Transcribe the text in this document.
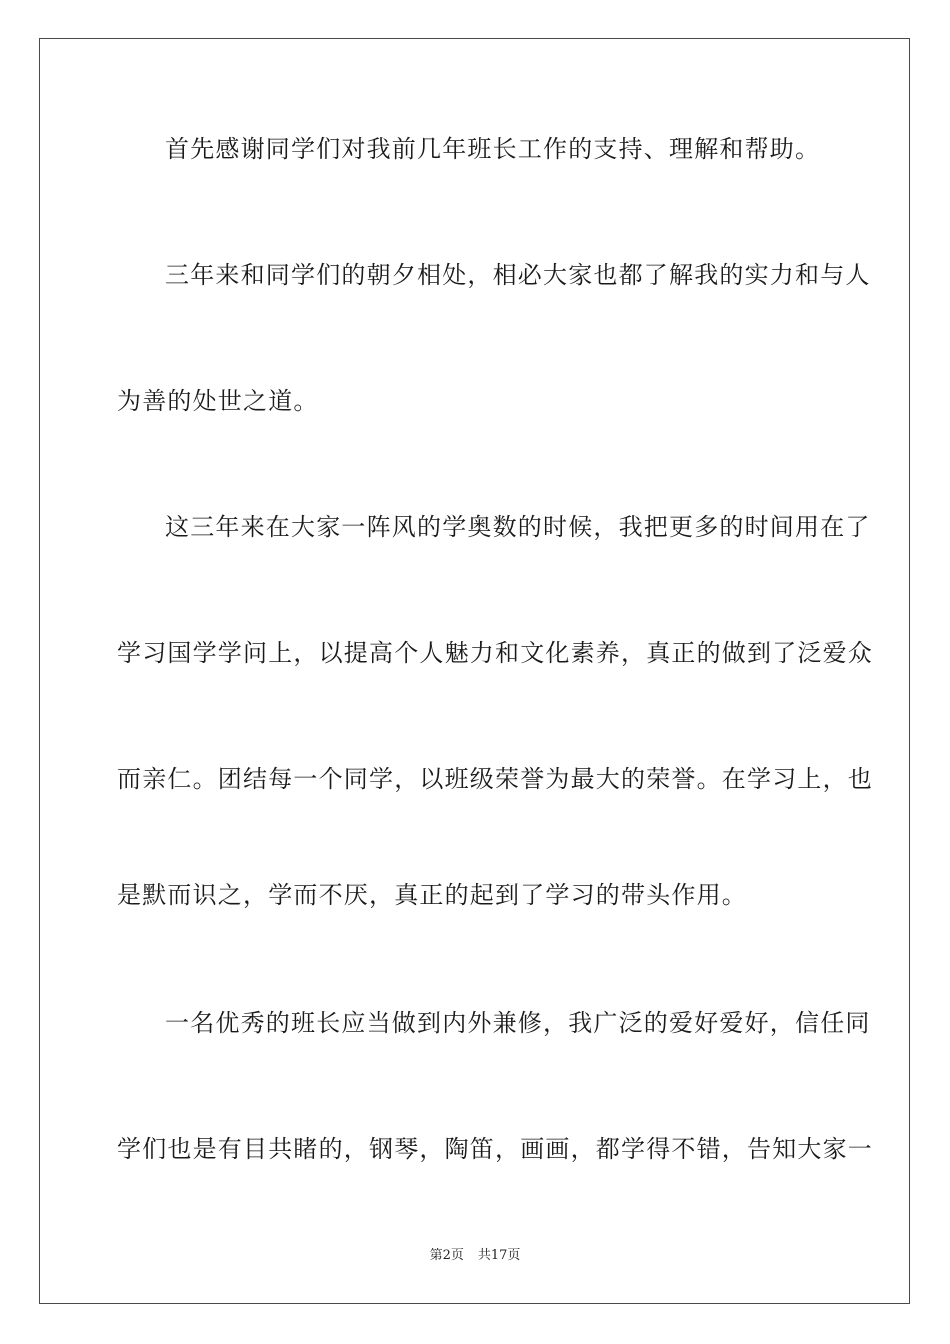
首先感谢同学们对我前几年班长工作的支持、理解和帮助。
三年来和同学们的朝夕相处，相必大家也都了解我的实力和与人
为善的处世之道。
这三年来在大家一阵风的学奥数的时候，我把更多的时间用在了
学习国学学问上，以提高个人魅力和文化素养，真正的做到了泛爱众
而亲仁。团结每一个同学，以班级荣誉为最大的荣誉。在学习上，也
是默而识之，学而不厌，真正的起到了学习的带头作用。
一名优秀的班长应当做到内外兼修，我广泛的爱好爱好，信任同
学们也是有目共睹的，钢琴，陶笛，画画，都学得不错，告知大家一
第2页 共17页
